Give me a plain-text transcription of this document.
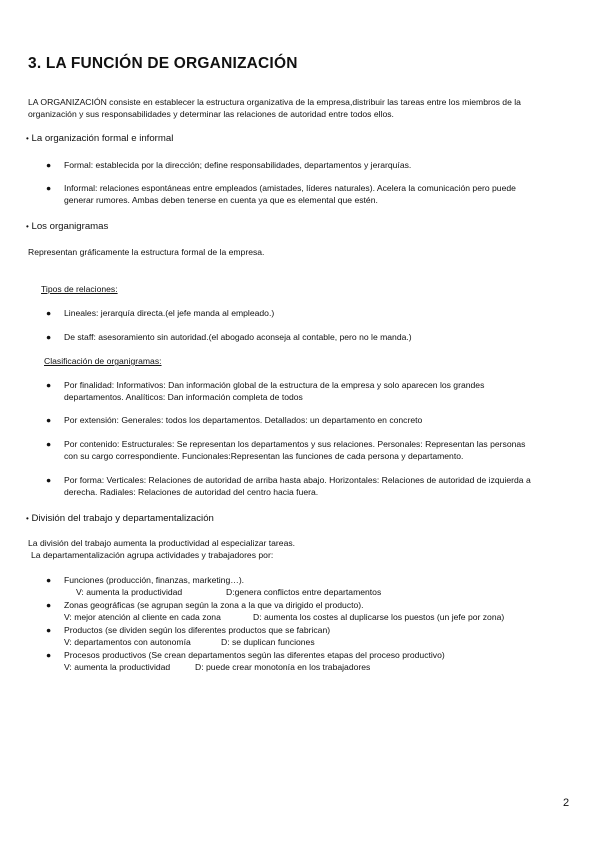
3. LA FUNCIÓN DE ORGANIZACIÓN
LA ORGANIZACIÓN consiste en establecer la estructura organizativa de la empresa,distribuir las tareas entre los miembros de la
organización y sus responsabilidades y determinar las relaciones de autoridad entre todos ellos.
• La organización formal e informal
● Formal: establecida por la dirección; define responsabilidades, departamentos y jerarquías.
● Informal: relaciones espontáneas entre empleados (amistades, líderes naturales). Acelera la comunicación pero puede
generar rumores. Ambas deben tenerse en cuenta ya que es elemental que estén.
• Los organigramas
Representan gráficamente la estructura formal de la empresa.
Tipos de relaciones:
● Lineales: jerarquía directa.(el jefe manda al empleado.)
● De staff: asesoramiento sin autoridad.(el abogado aconseja al contable, pero no le manda.)
Clasificación de organigramas:
● Por finalidad: Informativos: Dan información global de la estructura de la empresa y solo aparecen los grandes
departamentos. Analíticos: Dan información completa de todos
● Por extensión: Generales: todos los departamentos. Detallados: un departamento en concreto
● Por contenido: Estructurales: Se representan los departamentos y sus relaciones. Personales: Representan las personas
con su cargo correspondiente. Funcionales:Representan las funciones de cada persona y departamento.
● Por forma: Verticales: Relaciones de autoridad de arriba hasta abajo. Horizontales: Relaciones de autoridad de izquierda a
derecha. Radiales: Relaciones de autoridad del centro hacia fuera.
• División del trabajo y departamentalización
La división del trabajo aumenta la productividad al especializar tareas.
La departamentalización agrupa actividades y trabajadores por:
● Funciones (producción, finanzas, marketing…).
V: aumenta la productividad	D:genera conflictos entre departamentos
● Zonas geográficas (se agrupan según la zona a la que va dirigido el producto).
V: mejor atención al cliente en cada zona	D: aumenta los costes al duplicarse los puestos (un jefe por zona)
● Productos (se dividen según los diferentes productos que se fabrican)
V: departamentos con autonomía	D: se duplican funciones
● Procesos productivos (Se crean departamentos según las diferentes etapas del proceso productivo)
V: aumenta la productividad	D: puede crear monotonía en los trabajadores
2
